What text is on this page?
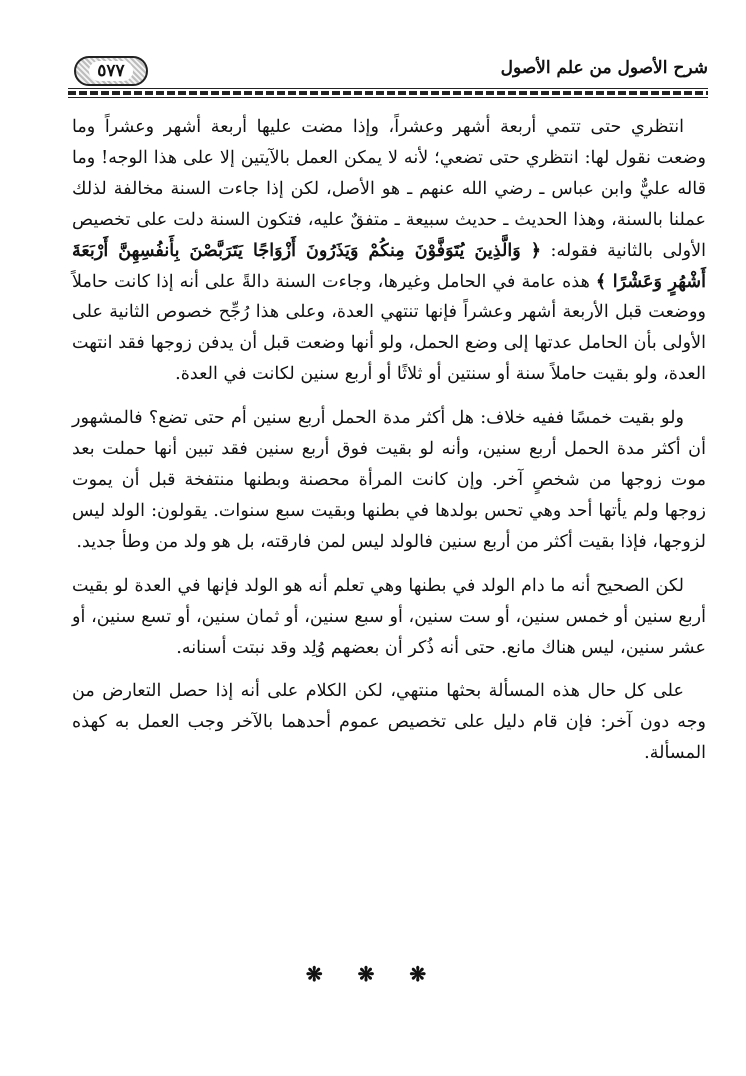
٥٧٧	شرح الأصول من علم الأصول

انتظري حتى تتمي أربعة أشهر وعشراً، وإذا مضت عليها أربعة أشهر وعشراً وما وضعت نقول لها: انتظري حتى تضعي؛ لأنه لا يمكن العمل بالآيتين إلا على هذا الوجه! وما قاله عليٌّ وابن عباس ـ رضي الله عنهم ـ هو الأصل، لكن إذا جاءت السنة مخالفة لذلك عملنا بالسنة، وهذا الحديث ـ حديث سبيعة ـ متفقٌ عليه، فتكون السنة دلت على تخصيص الأولى بالثانية فقوله: ﴿ وَالَّذِينَ يُتَوَفَّوْنَ مِنكُمْ وَيَذَرُونَ أَزْوَاجًا يَتَرَبَّصْنَ بِأَنفُسِهِنَّ أَرْبَعَةَ أَشْهُرٍ وَعَشْرًا ﴾ هذه عامة في الحامل وغيرها، وجاءت السنة دالةً على أنه إذا كانت حاملاً ووضعت قبل الأربعة أشهر وعشراً فإنها تنتهي العدة، وعلى هذا رُجِّح خصوص الثانية على الأولى بأن الحامل عدتها إلى وضع الحمل، ولو أنها وضعت قبل أن يدفن زوجها فقد انتهت العدة، ولو بقيت حاملاً سنة أو سنتين أو ثلاثًا أو أربع سنين لكانت في العدة.

ولو بقيت خمسًا ففيه خلاف: هل أكثر مدة الحمل أربع سنين أم حتى تضع؟ فالمشهور أن أكثر مدة الحمل أربع سنين، وأنه لو بقيت فوق أربع سنين فقد تبين أنها حملت بعد موت زوجها من شخصٍ آخر. وإن كانت المرأة محصنة وبطنها منتفخة قبل أن يموت زوجها ولم يأتها أحد وهي تحس بولدها في بطنها وبقيت سبع سنوات. يقولون: الولد ليس لزوجها، فإذا بقيت أكثر من أربع سنين فالولد ليس لمن فارقته، بل هو ولد من وطأ جديد.

لكن الصحيح أنه ما دام الولد في بطنها وهي تعلم أنه هو الولد فإنها في العدة لو بقيت أربع سنين أو خمس سنين، أو ست سنين، أو سبع سنين، أو ثمان سنين، أو تسع سنين، أو عشر سنين، ليس هناك مانع. حتى أنه ذُكر أن بعضهم وُلِد وقد نبتت أسنانه.

على كل حال هذه المسألة بحثها منتهي، لكن الكلام على أنه إذا حصل التعارض من وجه دون آخر: فإن قام دليل على تخصيص عموم أحدهما بالآخر وجب العمل به كهذه المسألة.

❋ ❋ ❋
